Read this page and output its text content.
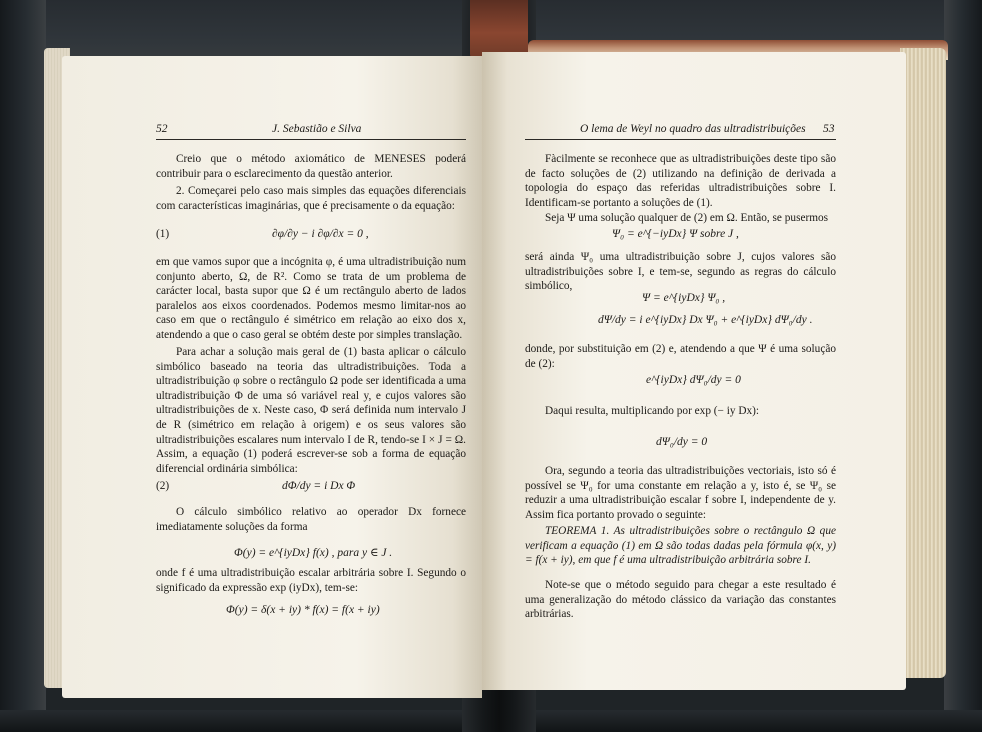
52	J. Sebastião e Silva

Creio que o método axiomático de MENESES poderá contribuir para o esclarecimento da questão anterior.

2. Começarei pelo caso mais simples das equações diferenciais com características imaginárias, que é precisamente o da equação:

(1)	∂φ/∂y − i ∂φ/∂x = 0 ,

em que vamos supor que a incógnita φ, é uma ultradistribuição num conjunto aberto, Ω, de R². Como se trata de um problema de carácter local, basta supor que Ω é um rectângulo aberto de lados paralelos aos eixos coordenados. Podemos mesmo limitar-nos ao caso em que o rectângulo é simétrico em relação ao eixo dos x, atendendo a que o caso geral se obtém deste por simples translação.

Para achar a solução mais geral de (1) basta aplicar o cálculo simbólico baseado na teoria das ultradistribuições. Toda a ultradistribuição φ sobre o rectângulo Ω pode ser identificada a uma ultradistribuição Φ de uma só variável real y, e cujos valores são ultradistribuições de x. Neste caso, Φ será definida num intervalo J de R (simétrico em relação à origem) e os seus valores são ultradistribuições escalares num intervalo I de R, tendo-se I × J = Ω. Assim, a equação (1) poderá escrever-se sob a forma de equação diferencial ordinária simbólica:

(2)	dΦ/dy = i Dx Φ

O cálculo simbólico relativo ao operador Dx fornece imediatamente soluções da forma

Φ(y) = e^{iyDx} f(x) , para y ∈ J .

onde f é uma ultradistribuição escalar arbitrária sobre I. Segundo o significado da expressão exp (iyDx), tem-se:

Φ(y) = δ(x + iy) * f(x) = f(x + iy)
O lema de Weyl no quadro das ultradistribuições 53

Fàcilmente se reconhece que as ultradistribuições deste tipo são de facto soluções de (2) utilizando na definição de derivada a topologia do espaço das referidas ultradistribuições sobre I. Identificam-se portanto a soluções de (1).

Seja Ψ uma solução qualquer de (2) em Ω. Então, se pusermos

Ψ₀ = e^{−iyDx} Ψ sobre J ,

será ainda Ψ₀ uma ultradistribuição sobre J, cujos valores são ultradistribuições sobre I, e tem-se, segundo as regras do cálculo simbólico,

Ψ = e^{iyDx} Ψ₀ ,
dΨ/dy = i e^{iyDx} Dx Ψ₀ + e^{iyDx} dΨ₀/dy .

donde, por substituição em (2) e, atendendo a que Ψ é uma solução de (2):

e^{iyDx} dΨ₀/dy = 0

Daqui resulta, multiplicando por exp (− iy Dx):

dΨ₀/dy = 0

Ora, segundo a teoria das ultradistribuições vectoriais, isto só é possível se Ψ₀ for uma constante em relação a y, isto é, se Ψ₀ se reduzir a uma ultradistribuição escalar f sobre I, independente de y. Assim fica portanto provado o seguinte:

TEOREMA 1. As ultradistribuições sobre o rectângulo Ω que verificam a equação (1) em Ω são todas dadas pela fórmula φ(x, y) = f(x + iy), em que f é uma ultradistribuição arbitrária sobre I.

Note-se que o método seguido para chegar a este resultado é uma generalização do método clássico da variação das constantes arbitrárias.
